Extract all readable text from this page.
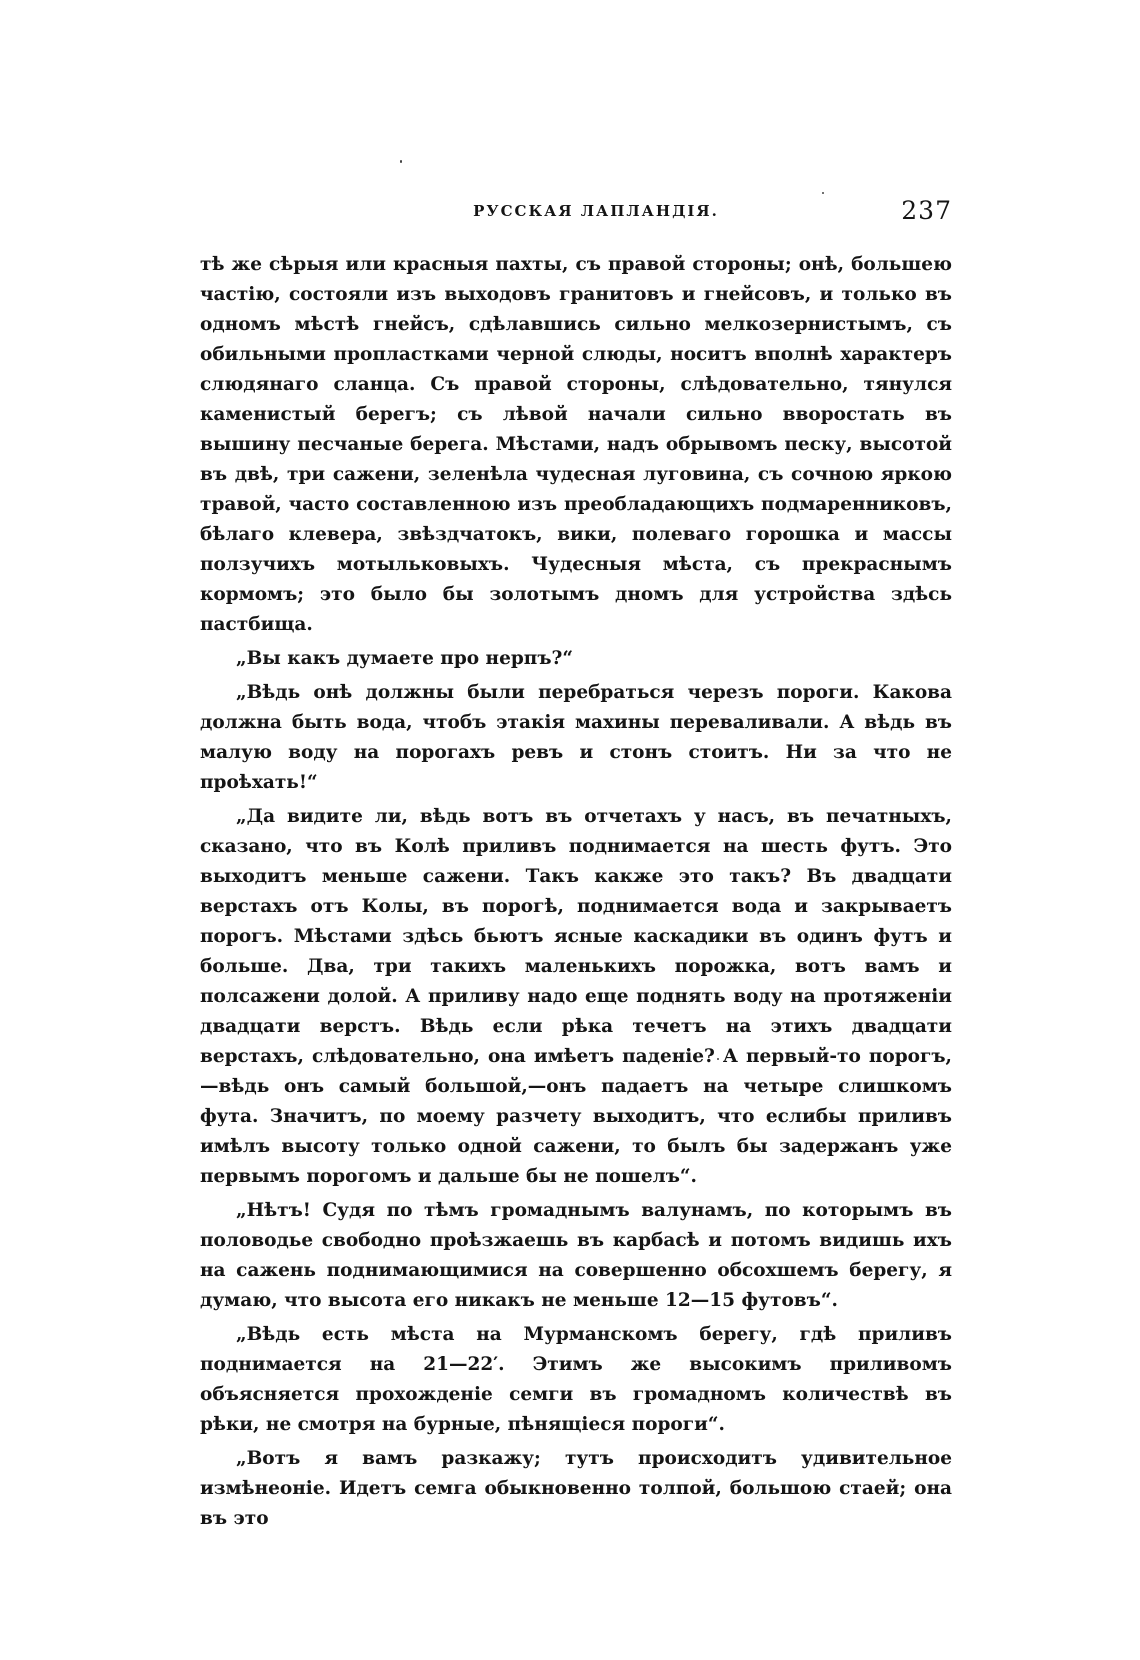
РУССКАЯ ЛАПЛАНДІЯ.	237

тѣ же сѣрыя или красныя пахты, съ правой стороны; онѣ, большею частію, состояли изъ выходовъ гранитовъ и гнейсовъ, и только въ одномъ мѣстѣ гнейсъ, сдѣлавшись сильно мелкозернистымъ, съ обильными пропластками черной слюды, носитъ вполнѣ характеръ слюдянаго сланца. Съ правой стороны, слѣдовательно, тянулся каменистый берегъ; съ лѣвой начали сильно вворостать въ вышину песчаные берега. Мѣстами, надъ обрывомъ песку, высотой въ двѣ, три сажени, зеленѣла чудесная луговина, съ сочною яркою травой, часто составленною изъ преобладающихъ подмаренниковъ, бѣлаго клевера, звѣздчатокъ, вики, полеваго горошка и массы ползучихъ мотыльковыхъ. Чудесныя мѣста, съ прекраснымъ кормомъ; это было бы золотымъ дномъ для устройства здѣсь пастбища.

„Вы какъ думаете про нерпъ?“

„Вѣдь онѣ должны были перебраться черезъ пороги. Какова должна быть вода, чтобъ этакія махины переваливали. А вѣдь въ малую воду на порогахъ ревъ и стонъ стоитъ. Ни за что не проѣхать!“

„Да видите ли, вѣдь вотъ въ отчетахъ у насъ, въ печатныхъ, сказано, что въ Колѣ приливъ поднимается на шесть футъ. Это выходитъ меньше сажени. Такъ какже это такъ? Въ двадцати верстахъ отъ Колы, въ порогѣ, поднимается вода и закрываетъ порогъ. Мѣстами здѣсь бьютъ ясные каскадики въ одинъ футъ и больше. Два, три такихъ маленькихъ порожка, вотъ вамъ и полсажени долой. А приливу надо еще поднять воду на протяженіи двадцати верстъ. Вѣдь если рѣка течетъ на этихъ двадцати верстахъ, слѣдовательно, она имѣетъ паденіе? А первый-то порогъ,—вѣдь онъ самый большой,—онъ падаетъ на четыре слишкомъ фута. Значитъ, по моему разчету выходитъ, что еслибы приливъ имѣлъ высоту только одной сажени, то былъ бы задержанъ уже первымъ порогомъ и дальше бы не пошелъ“.

„Нѣтъ! Судя по тѣмъ громаднымъ валунамъ, по которымъ въ половодье свободно проѣзжаешь въ карбасѣ и потомъ видишь ихъ на сажень поднимающимися на совершенно обсохшемъ берегу, я думаю, что высота его никакъ не меньше 12—15 футовъ“.

„Вѣдь есть мѣста на Мурманскомъ берегу, гдѣ приливъ поднимается на 21—22′. Этимъ же высокимъ приливомъ объясняется прохожденіе семги въ громадномъ количествѣ въ рѣки, не смотря на бурные, пѣнящіеся пороги“.

„Вотъ я вамъ разкажу; тутъ происходитъ удивительное измѣнеоніе. Идетъ семга обыкновенно толпой, большою стаей; она въ это
